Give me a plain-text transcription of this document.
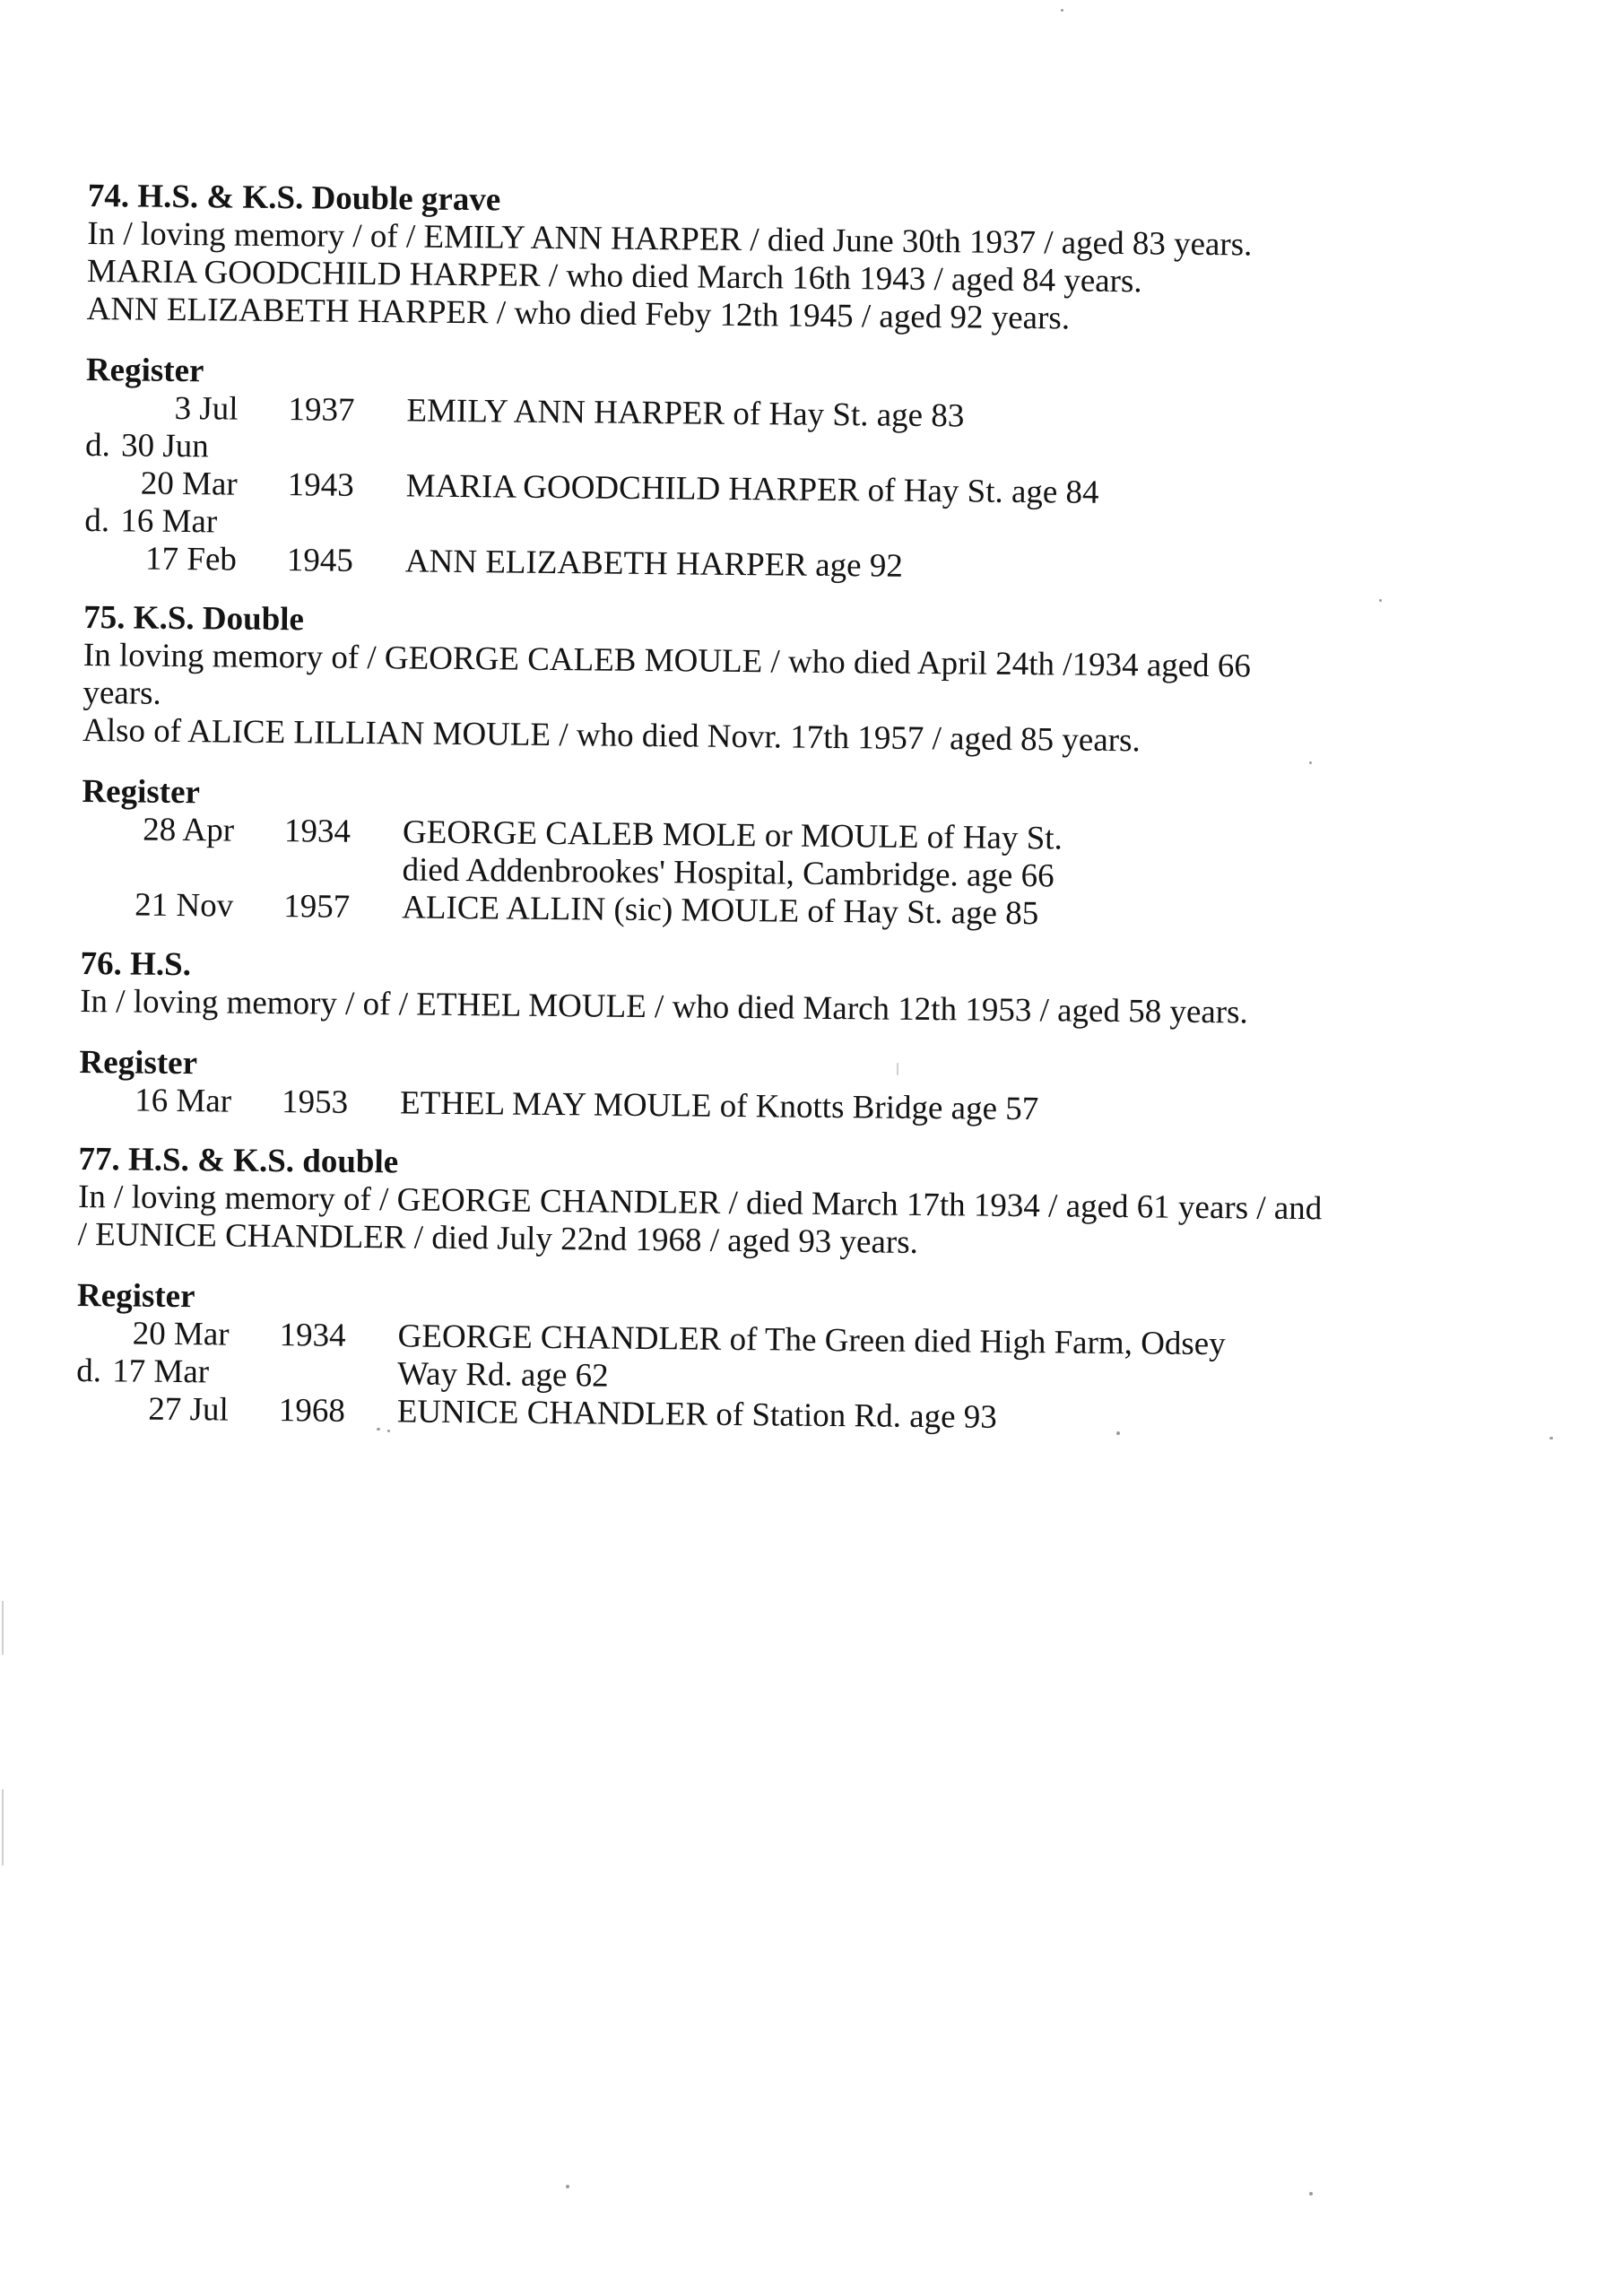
74. H.S. & K.S. Double grave
In / loving memory / of / EMILY ANN HARPER / died June 30th 1937 / aged 83 years.
MARIA GOODCHILD HARPER / who died March 16th 1943 / aged 84 years.
ANN ELIZABETH HARPER / who died Feby 12th 1945 / aged 92 years.
Register
3 Jul	1937 EMILY ANN HARPER of Hay St. age 83
d. 30 Jun
20 Mar	1943 MARIA GOODCHILD HARPER of Hay St. age 84
d. 16 Mar
17 Feb	1945 ANN ELIZABETH HARPER age 92
75. K.S. Double
In loving memory of / GEORGE CALEB MOULE / who died April 24th /1934 aged 66
years.
Also of ALICE LILLIAN MOULE / who died Novr. 17th 1957 / aged 85 years.
Register
28 Apr	1934 GEORGE CALEB MOLE or MOULE of Hay St.
died Addenbrookes' Hospital, Cambridge. age 66
21 Nov	1957 ALICE ALLIN (sic) MOULE of Hay St. age 85
76. H.S.
In / loving memory / of / ETHEL MOULE / who died March 12th 1953 / aged 58 years.
Register
16 Mar	1953 ETHEL MAY MOULE of Knotts Bridge age 57
77. H.S. & K.S. double
In / loving memory of / GEORGE CHANDLER / died March 17th 1934 / aged 61 years / and
/ EUNICE CHANDLER / died July 22nd 1968 / aged 93 years.
Register
20 Mar	1934 GEORGE CHANDLER of The Green died High Farm, Odsey
d. 17 Mar	Way Rd. age 62
27 Jul	1968 EUNICE CHANDLER of Station Rd. age 93
